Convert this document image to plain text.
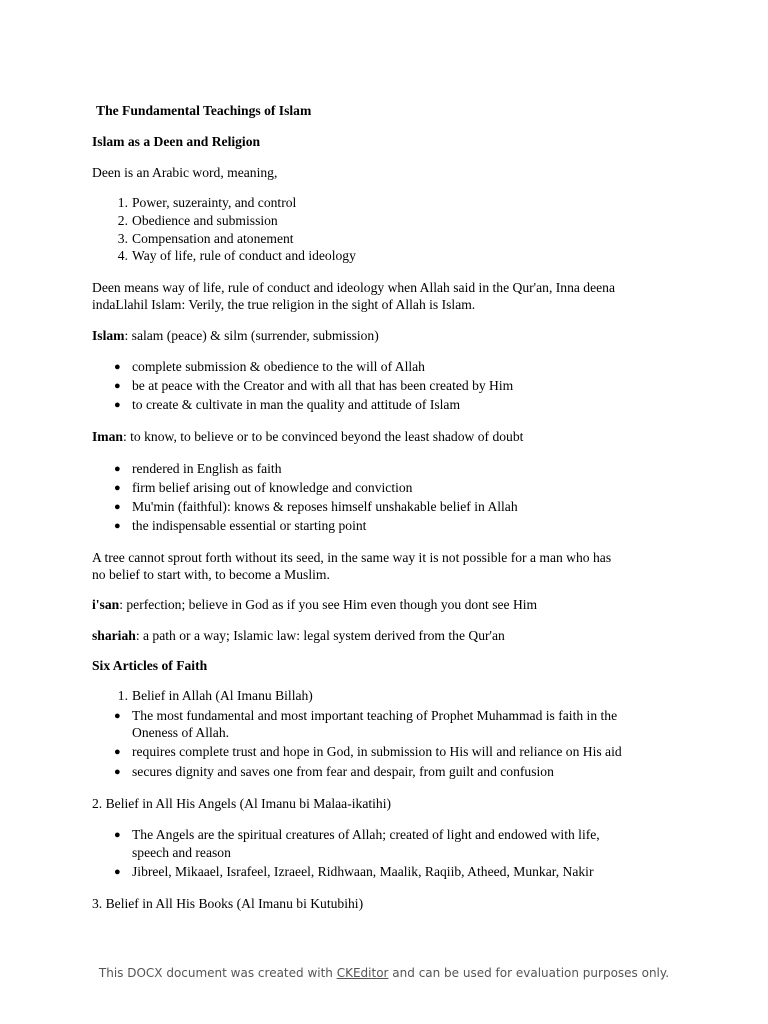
The Fundamental Teachings of Islam
Islam as a Deen and Religion
Deen is an Arabic word, meaning,
1. Power, suzerainty, and control
2. Obedience and submission
3. Compensation and atonement
4. Way of life, rule of conduct and ideology
Deen means way of life, rule of conduct and ideology when Allah said in the Qur'an, Inna deena
indaLlahil Islam: Verily, the true religion in the sight of Allah is Islam.
Islam: salam (peace) & silm (surrender, submission)
● complete submission & obedience to the will of Allah
● be at peace with the Creator and with all that has been created by Him
● to create & cultivate in man the quality and attitude of Islam
Iman: to know, to believe or to be convinced beyond the least shadow of doubt
● rendered in English as faith
● firm belief arising out of knowledge and conviction
● Mu'min (faithful): knows & reposes himself unshakable belief in Allah
● the indispensable essential or starting point
A tree cannot sprout forth without its seed, in the same way it is not possible for a man who has
no belief to start with, to become a Muslim.
i'san: perfection; believe in God as if you see Him even though you dont see Him
shariah: a path or a way; Islamic law: legal system derived from the Qur'an
Six Articles of Faith
1. Belief in Allah (Al Imanu Billah)
● The most fundamental and most important teaching of Prophet Muhammad is faith in the
Oneness of Allah.
● requires complete trust and hope in God, in submission to His will and reliance on His aid
● secures dignity and saves one from fear and despair, from guilt and confusion
2. Belief in All His Angels (Al Imanu bi Malaa-ikatihi)
● The Angels are the spiritual creatures of Allah; created of light and endowed with life,
speech and reason
● Jibreel, Mikaael, Israfeel, Izraeel, Ridhwaan, Maalik, Raqiib, Atheed, Munkar, Nakir
3. Belief in All His Books (Al Imanu bi Kutubihi)
This DOCX document was created with CKEditor and can be used for evaluation purposes only.
